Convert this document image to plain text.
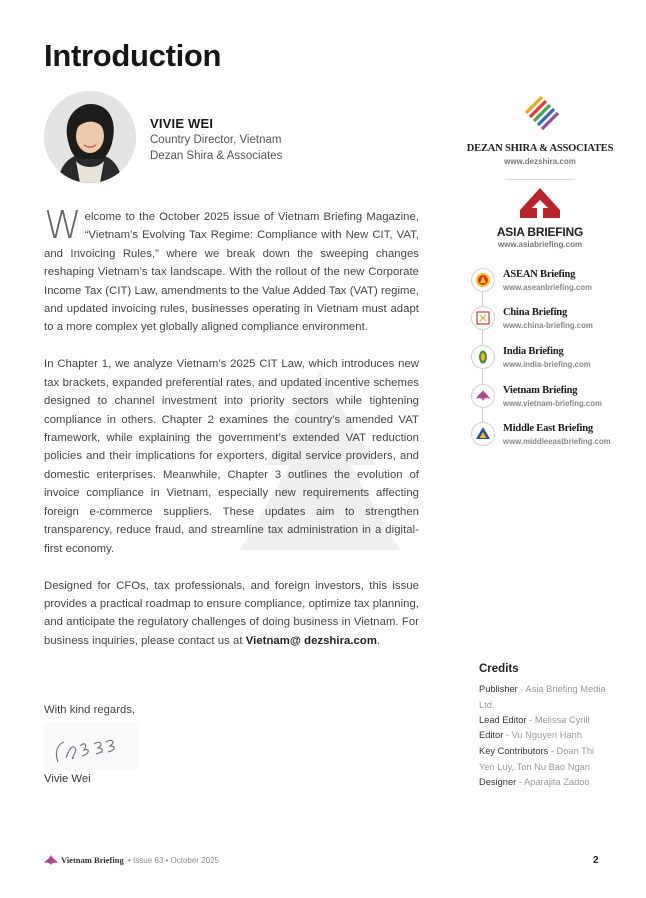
Introduction
VIVIE WEI
Country Director, Vietnam
Dezan Shira & Associates

Welcome to the October 2025 issue of Vietnam Briefing Magazine, “Vietnam’s Evolving Tax Regime: Compliance with New CIT, VAT, and Invoicing Rules,” where we break down the sweeping changes reshaping Vietnam’s tax landscape. With the rollout of the new Corporate Income Tax (CIT) Law, amendments to the Value Added Tax (VAT) regime, and updated invoicing rules, businesses operating in Vietnam must adapt to a more complex yet globally aligned compliance environment.

In Chapter 1, we analyze Vietnam’s 2025 CIT Law, which introduces new tax brackets, expanded preferential rates, and updated incentive schemes designed to channel investment into priority sectors while tightening compliance in others. Chapter 2 examines the country’s amended VAT framework, while explaining the government’s extended VAT reduction policies and their implications for exporters, digital service providers, and domestic enterprises. Meanwhile, Chapter 3 outlines the evolution of invoice compliance in Vietnam, especially new requirements affecting foreign e-commerce suppliers. These updates aim to strengthen transparency, reduce fraud, and streamline tax administration in a digital-first economy.

Designed for CFOs, tax professionals, and foreign investors, this issue provides a practical roadmap to ensure compliance, optimize tax planning, and anticipate the regulatory challenges of doing business in Vietnam. For business inquiries, please contact us at Vietnam@ dezshira.com.

With kind regards,
Vivie Wei
DEZAN SHIRA & ASSOCIATES
www.dezshira.com
ASIA BRIEFING
www.asiabriefing.com
ASEAN Briefing
www.aseanbriefing.com
China Briefing
www.china-briefing.com
India Briefing
www.india-briefing.com
Vietnam Briefing
www.vietnam-briefing.com
Middle East Briefing
www.middleeastbriefing.com
Credits
Publisher - Asia Briefing Media Ltd.
Lead Editor - Melissa Cyrill
Editor - Vu Nguyen Hanh
Key Contributors - Doan Thi Yen Luy, Ton Nu Bao Ngan
Designer - Aparajita Zadoo
Vietnam Briefing • Issue 63 • October 2025	2
